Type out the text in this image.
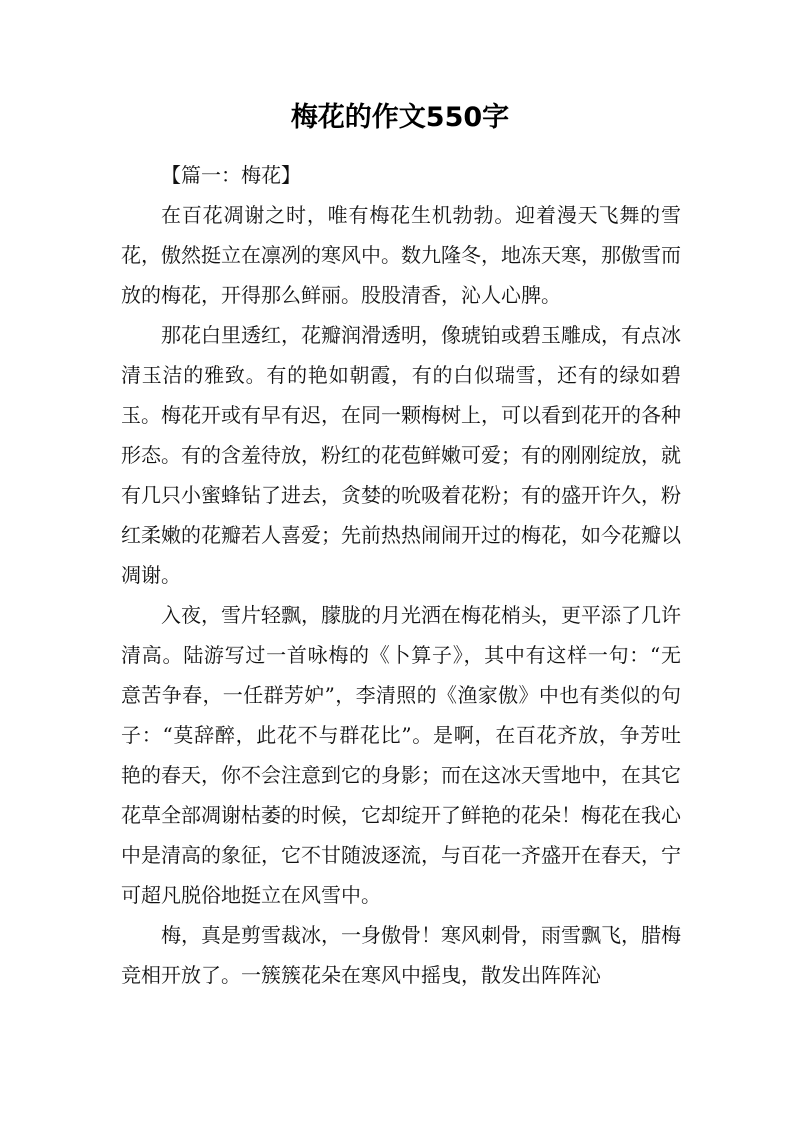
梅花的作文550字

【篇一：梅花】

在百花凋谢之时，唯有梅花生机勃勃。迎着漫天飞舞的雪花，傲然挺立在凛冽的寒风中。数九隆冬，地冻天寒，那傲雪而放的梅花，开得那么鲜丽。股股清香，沁人心脾。

那花白里透红，花瓣润滑透明，像琥铂或碧玉雕成，有点冰清玉洁的雅致。有的艳如朝霞，有的白似瑞雪，还有的绿如碧玉。梅花开或有早有迟，在同一颗梅树上，可以看到花开的各种形态。有的含羞待放，粉红的花苞鲜嫩可爱；有的刚刚绽放，就有几只小蜜蜂钻了进去，贪婪的吮吸着花粉；有的盛开许久，粉红柔嫩的花瓣若人喜爱；先前热热闹闹开过的梅花，如今花瓣以凋谢。

入夜，雪片轻飘，朦胧的月光洒在梅花梢头，更平添了几许清高。陆游写过一首咏梅的《卜算子》，其中有这样一句：“无意苦争春，一任群芳妒”，李清照的《渔家傲》中也有类似的句子：“莫辞醉，此花不与群花比”。是啊，在百花齐放，争芳吐艳的春天，你不会注意到它的身影；而在这冰天雪地中，在其它花草全部凋谢枯萎的时候，它却绽开了鲜艳的花朵！梅花在我心中是清高的象征，它不甘随波逐流，与百花一齐盛开在春天，宁可超凡脱俗地挺立在风雪中。

梅，真是剪雪裁冰，一身傲骨！寒风刺骨，雨雪飘飞，腊梅竞相开放了。一簇簇花朵在寒风中摇曳，散发出阵阵沁
